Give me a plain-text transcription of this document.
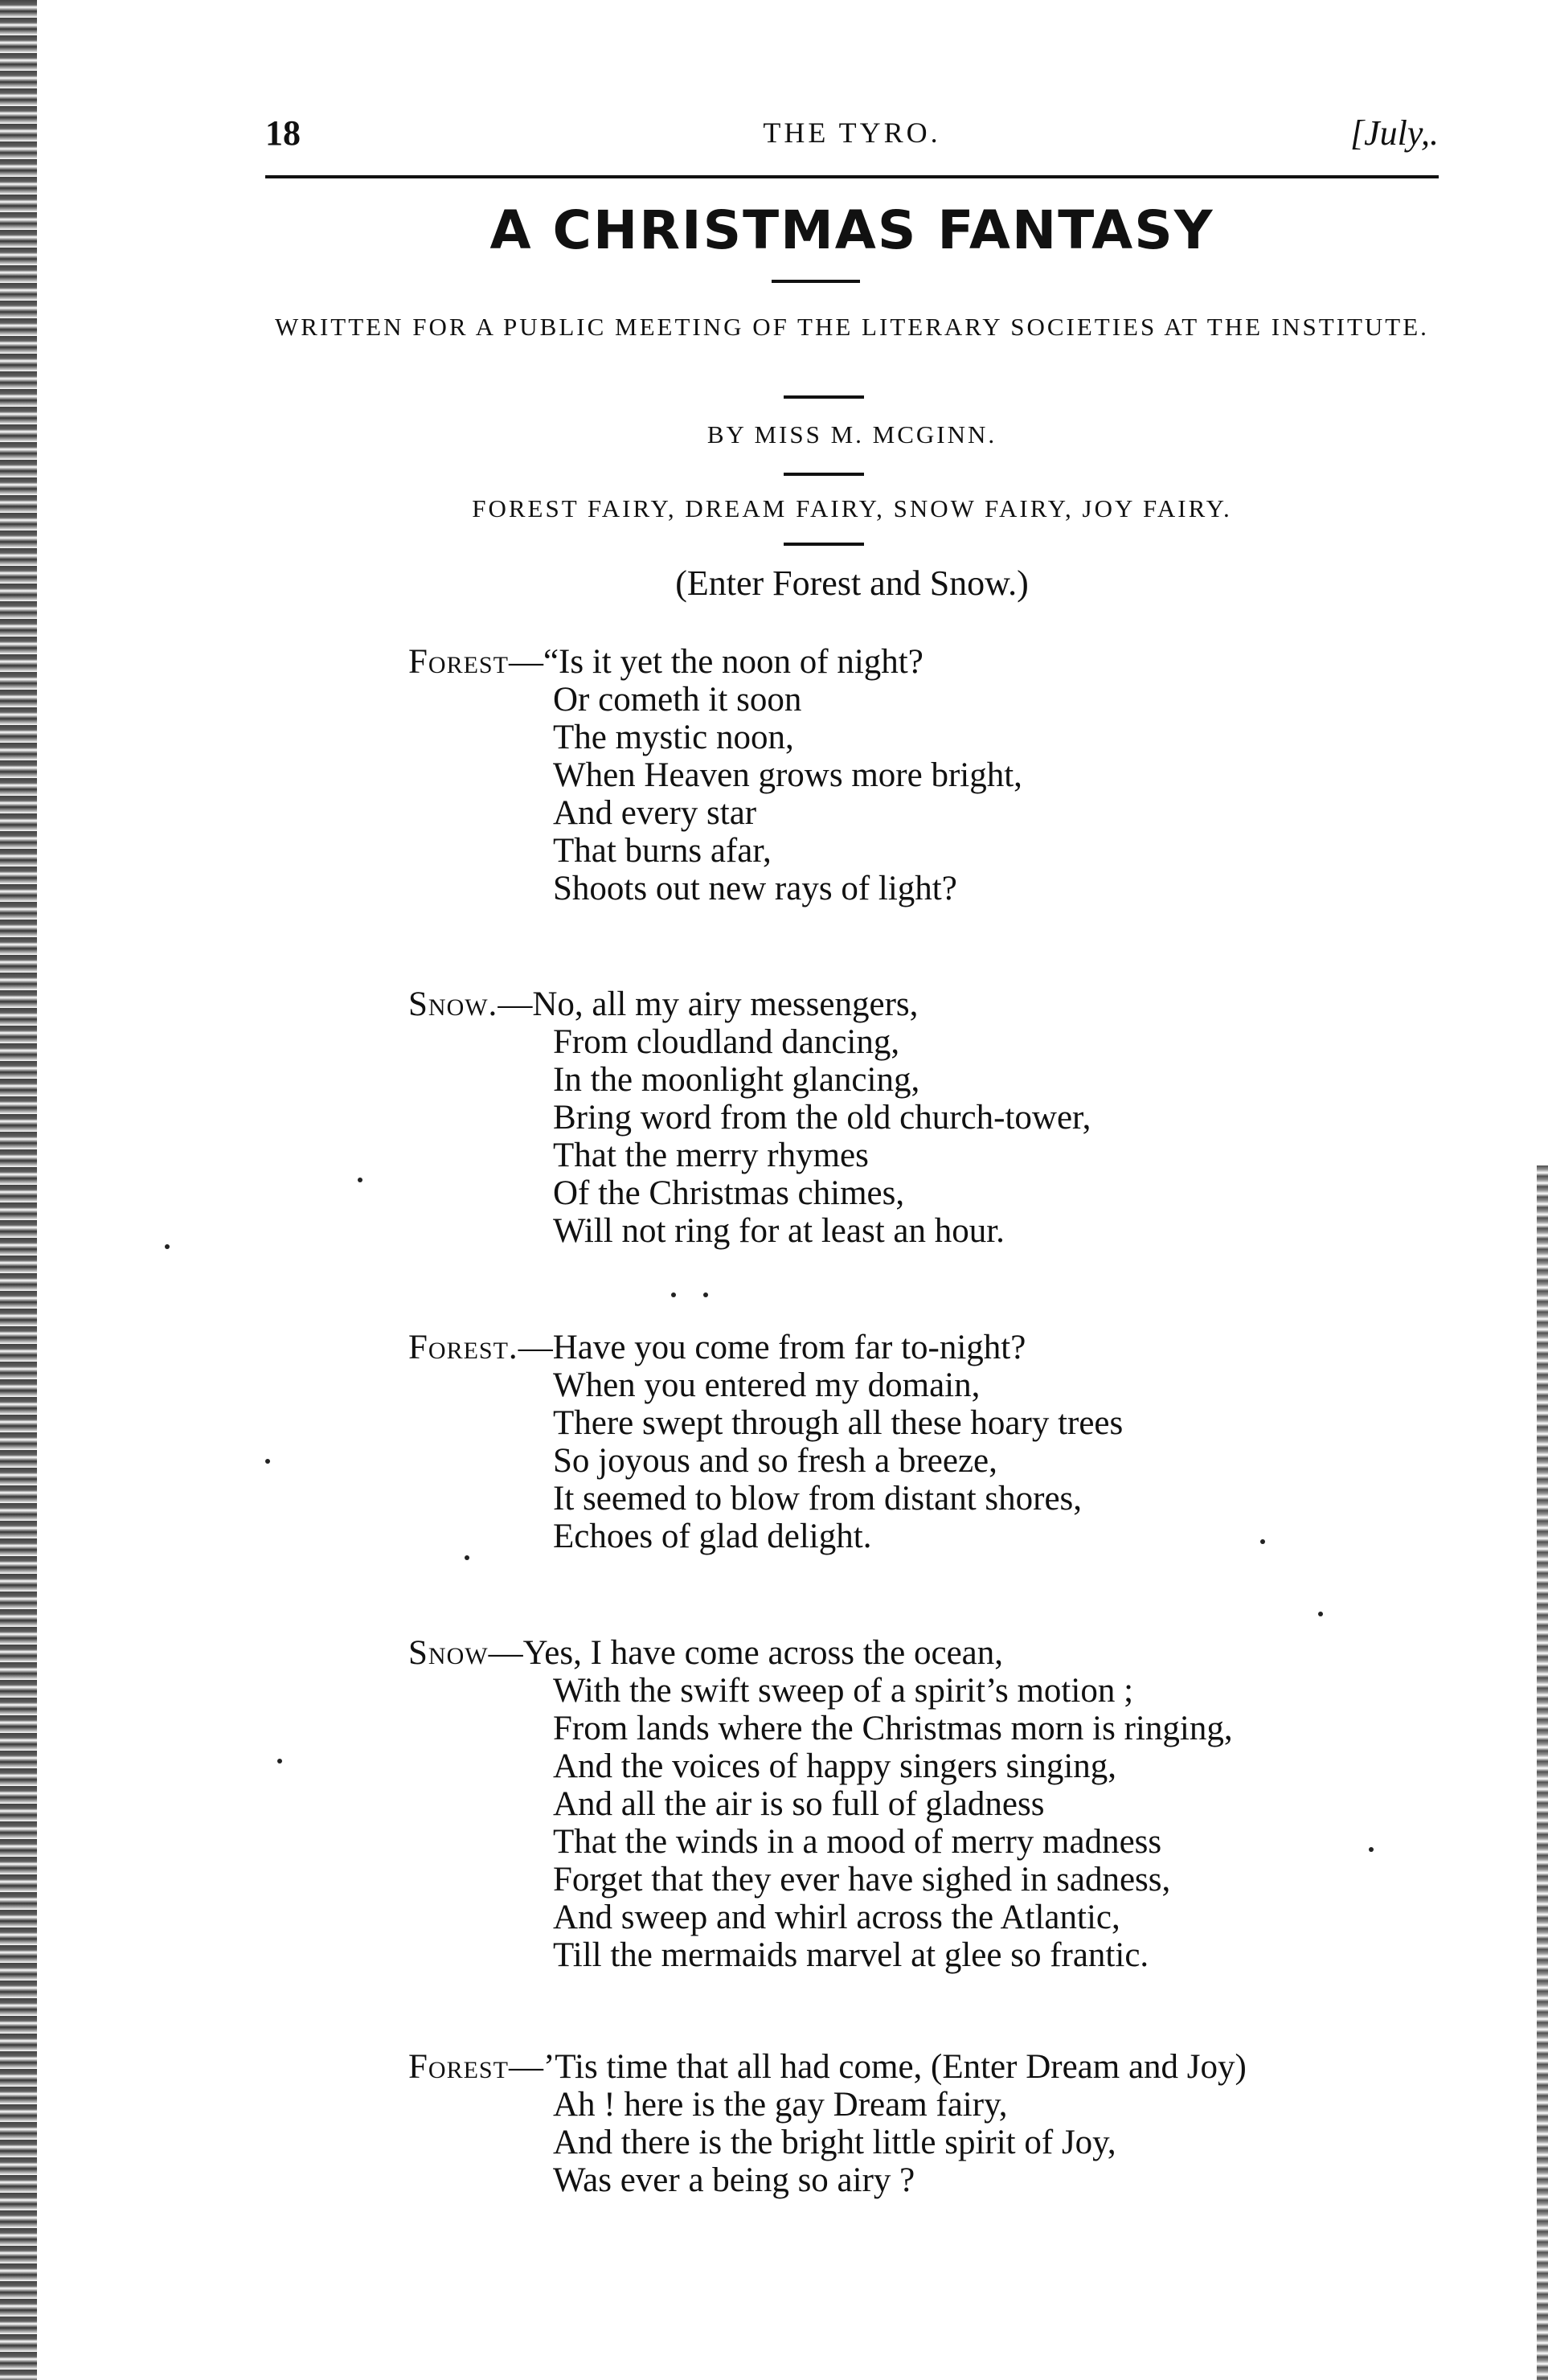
18	THE TYRO.	[July,.
A CHRISTMAS FANTASY
WRITTEN FOR A PUBLIC MEETING OF THE LITERARY SOCIETIES AT THE INSTITUTE.
BY MISS M. MCGINN.
FOREST FAIRY, DREAM FAIRY, SNOW FAIRY, JOY FAIRY.
(Enter Forest and Snow.)
Forest—“Is it yet the noon of night?
Or cometh it soon
The mystic noon,
When Heaven grows more bright,
And every star
That burns afar,
Shoots out new rays of light?
Snow.—No, all my airy messengers,
From cloudland dancing,
In the moonlight glancing,
Bring word from the old church-tower,
That the merry rhymes
Of the Christmas chimes,
Will not ring for at least an hour.
Forest.—Have you come from far to-night?
When you entered my domain,
There swept through all these hoary trees
So joyous and so fresh a breeze,
It seemed to blow from distant shores,
Echoes of glad delight.
Snow—Yes, I have come across the ocean,
With the swift sweep of a spirit’s motion ;
From lands where the Christmas morn is ringing,
And the voices of happy singers singing,
And all the air is so full of gladness
That the winds in a mood of merry madness
Forget that they ever have sighed in sadness,
And sweep and whirl across the Atlantic,
Till the mermaids marvel at glee so frantic.
Forest—’Tis time that all had come, (Enter Dream and Joy)
Ah ! here is the gay Dream fairy,
And there is the bright little spirit of Joy,
Was ever a being so airy ?
